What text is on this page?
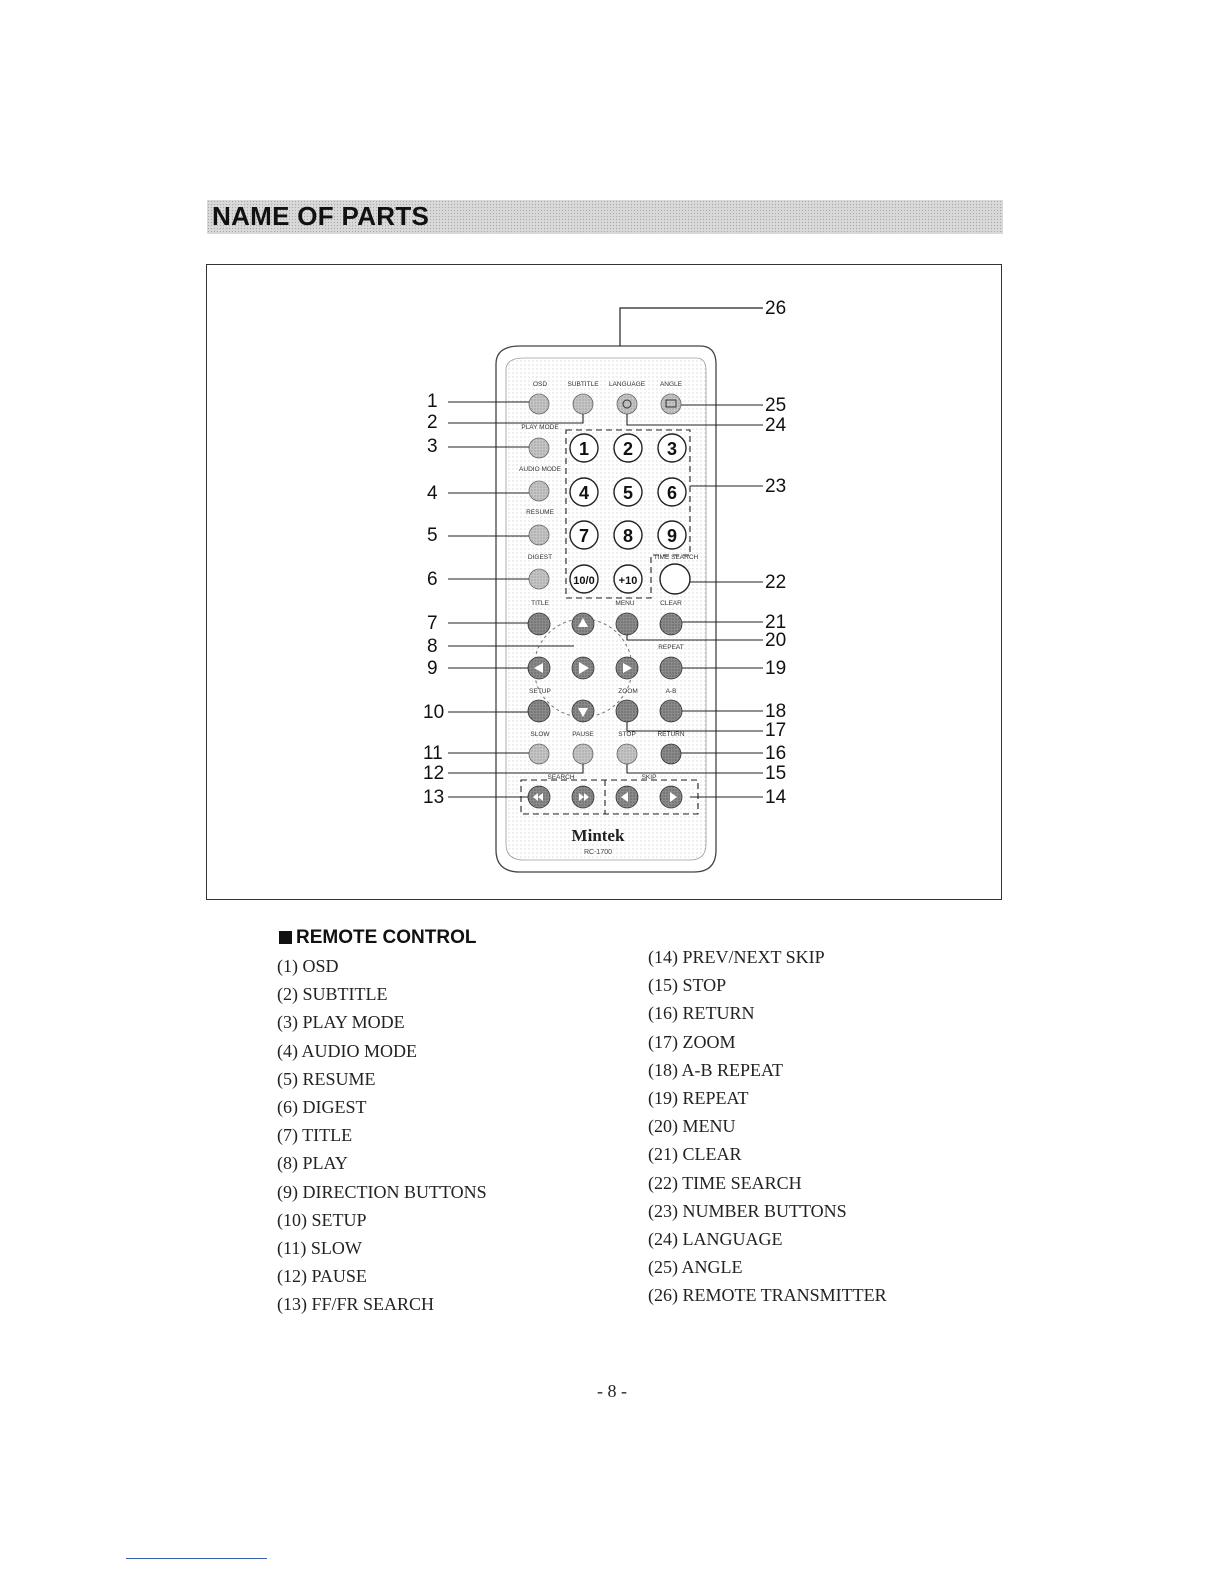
NAME OF PARTS
OSD	SUBTITLE LANGUAGE ANGLE
PLAY MODE
AUDIO MODE
RESUME
DIGEST	TIME SEARCH
TITLE	MENU	CLEAR
REPEAT
SETUP	ZOOM	A-B
SLOW	PAUSE	STOP	RETURN
SEARCH	SKIP
1 2 3
4 5 6
7 8 9
10/0 +10
Mintek
RC-1700
1
2
3
4
5
6
7
8
9
10
11
12
13	14
15
16
17
18
19
20
21
22
23
24
25
26
REMOTE CONTROL
(1) OSD
(2) SUBTITLE
(3) PLAY MODE
(4) AUDIO MODE
(5) RESUME
(6) DIGEST
(7) TITLE
(8) PLAY
(9) DIRECTION BUTTONS
(10) SETUP
(11) SLOW
(12) PAUSE
(13) FF/FR SEARCH
(14) PREV/NEXT SKIP
(15) STOP
(16) RETURN
(17) ZOOM
(18) A-B REPEAT
(19) REPEAT
(20) MENU
(21) CLEAR
(22) TIME SEARCH
(23) NUMBER BUTTONS
(24) LANGUAGE
(25) ANGLE
(26) REMOTE TRANSMITTER
- 8 -
